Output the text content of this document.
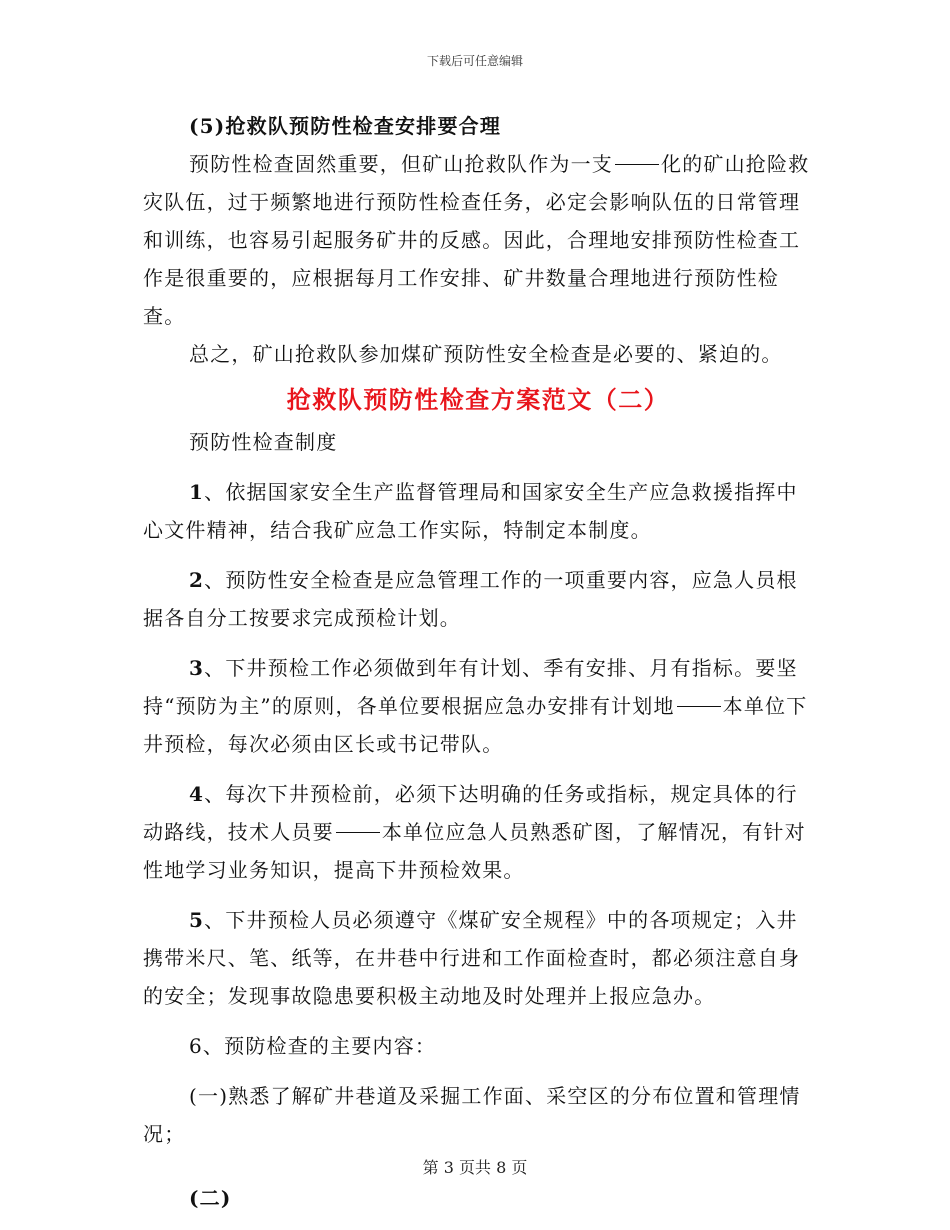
下载后可任意编辑

(5)抢救队预防性检查安排要合理

预防性检查固然重要，但矿山抢救队作为一支 化的矿山抢险救灾队伍，过于频繁地进行预防性检查任务，必定会影响队伍的日常管理和训练，也容易引起服务矿井的反感。因此，合理地安排预防性检查工作是很重要的，应根据每月工作安排、矿井数量合理地进行预防性检查。

总之，矿山抢救队参加煤矿预防性安全检查是必要的、紧迫的。

抢救队预防性检查方案范文（二）

预防性检查制度

1、依据国家安全生产监督管理局和国家安全生产应急救援指挥中心文件精神，结合我矿应急工作实际，特制定本制度。

2、预防性安全检查是应急管理工作的一项重要内容，应急人员根据各自分工按要求完成预检计划。

3、下井预检工作必须做到年有计划、季有安排、月有指标。要坚持“预防为主”的原则，各单位要根据应急办安排有计划地 本单位下井预检，每次必须由区长或书记带队。

4、每次下井预检前，必须下达明确的任务或指标，规定具体的行动路线，技术人员要 本单位应急人员熟悉矿图，了解情况，有针对性地学习业务知识，提高下井预检效果。

5、下井预检人员必须遵守《煤矿安全规程》中的各项规定；入井携带米尺、笔、纸等，在井巷中行进和工作面检查时，都必须注意自身的安全；发现事故隐患要积极主动地及时处理并上报应急办。

6、预防检查的主要内容：

(一)熟悉了解矿井巷道及采掘工作面、采空区的分布位置和管理情况；

(二)

第 3 页共 8 页
